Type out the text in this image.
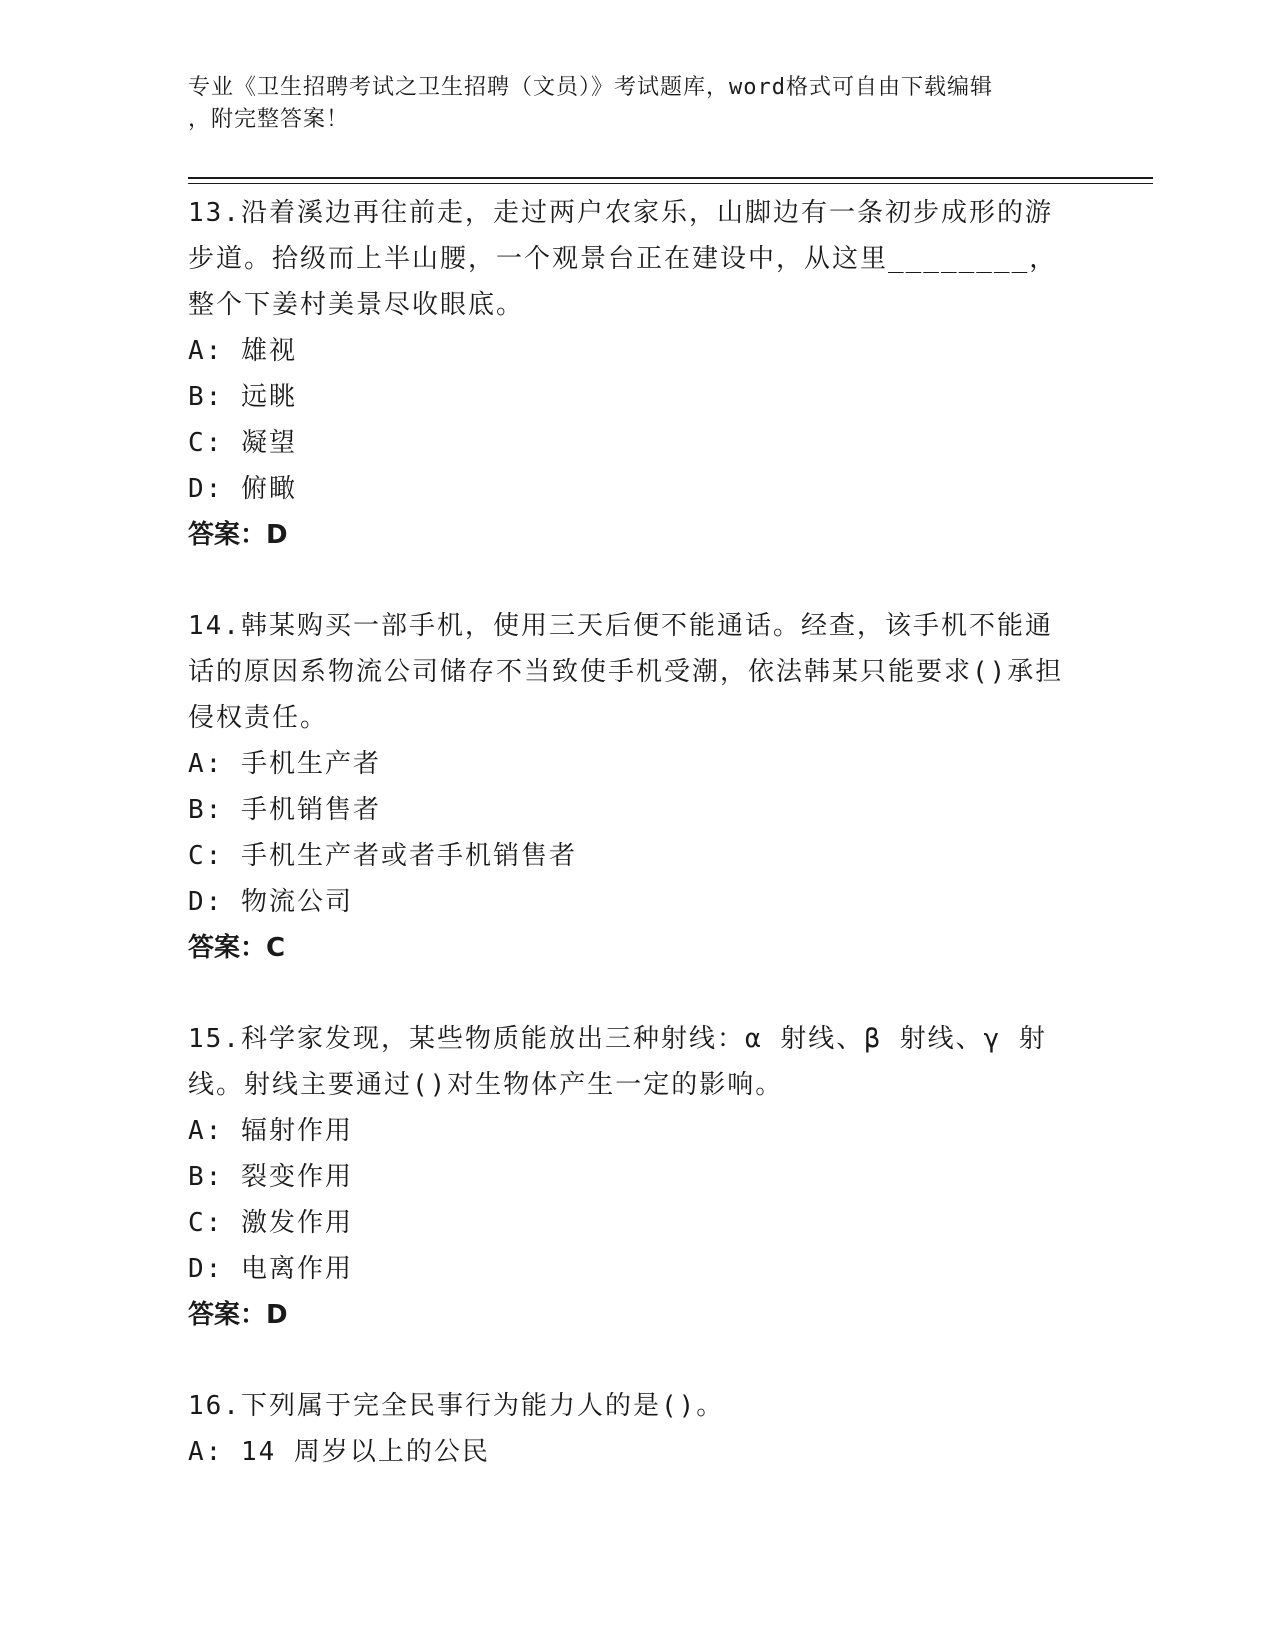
专业《卫生招聘考试之卫生招聘（文员）》考试题库，word格式可自由下载编辑
，附完整答案！
13.沿着溪边再往前走，走过两户农家乐，山脚边有一条初步成形的游步道。拾级而上半山腰，一个观景台正在建设中，从这里________，整个下姜村美景尽收眼底。
A: 雄视
B: 远眺
C: 凝望
D: 俯瞰
答案：D
14.韩某购买一部手机，使用三天后便不能通话。经查，该手机不能通话的原因系物流公司储存不当致使手机受潮，依法韩某只能要求()承担侵权责任。
A: 手机生产者
B: 手机销售者
C: 手机生产者或者手机销售者
D: 物流公司
答案：C
15.科学家发现，某些物质能放出三种射线：α 射线、β 射线、γ 射线。射线主要通过()对生物体产生一定的影响。
A: 辐射作用
B: 裂变作用
C: 激发作用
D: 电离作用
答案：D
16.下列属于完全民事行为能力人的是()。
A: 14 周岁以上的公民
